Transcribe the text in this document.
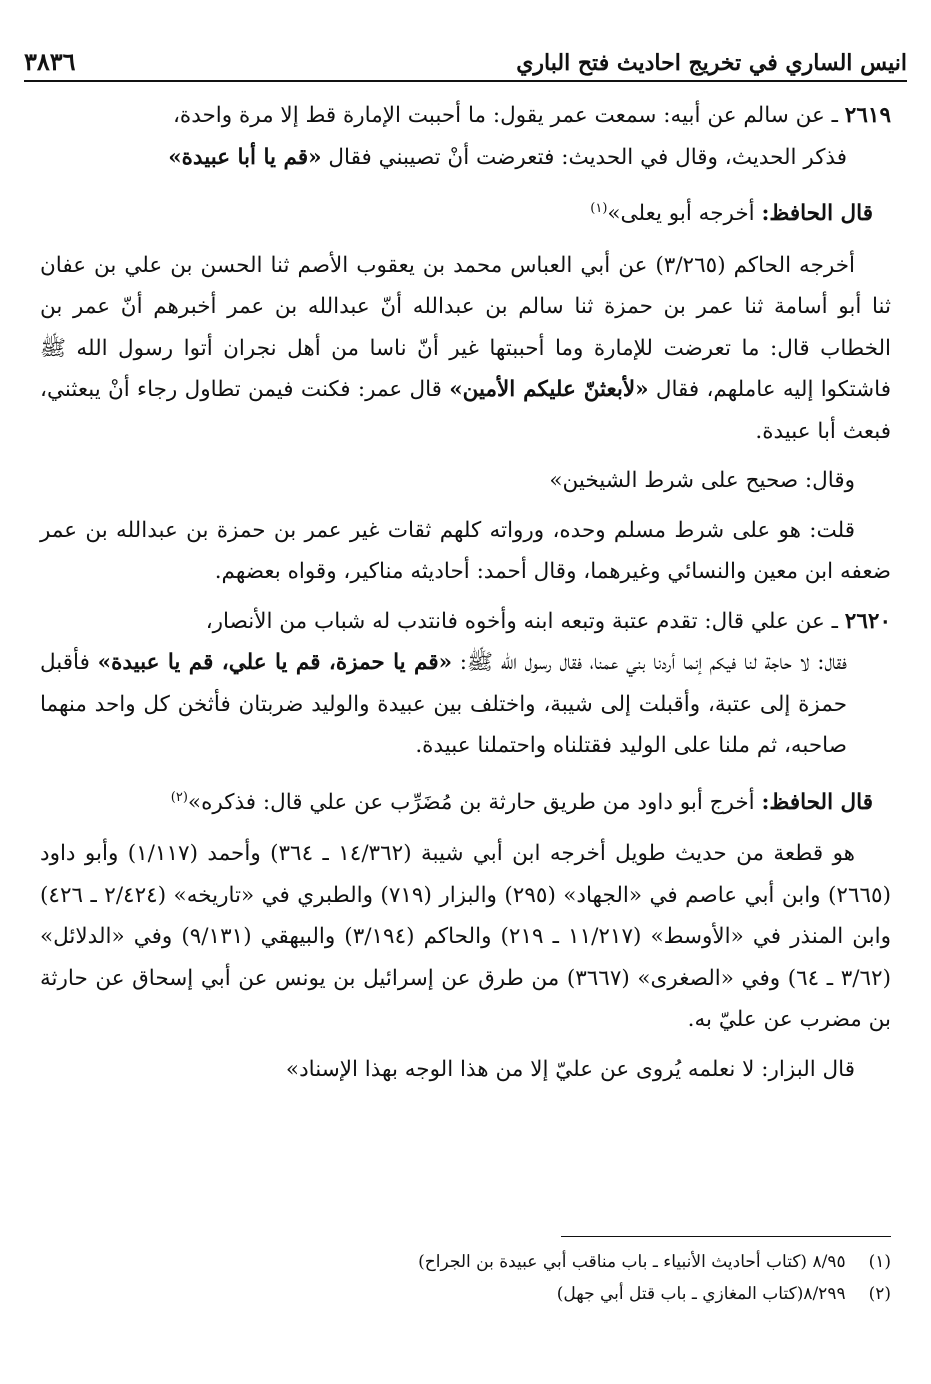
انيس الساري في تخريج احاديث فتح الباري
٣٨٣٦

٢٦١٩ ـ عن سالم عن أبيه: سمعت عمر يقول: ما أحببت الإمارة قط إلا مرة واحدة،

فذكر الحديث، وقال في الحديث: فتعرضت أنْ تصيبني فقال «قم يا أبا عبيدة»

قال الحافظ: أخرجه أبو يعلى»$^{(١)}$

أخرجه الحاكم (٣/٢٦٥) عن أبي العباس محمد بن يعقوب الأصم ثنا الحسن بن علي بن عفان ثنا أبو أسامة ثنا عمر بن حمزة ثنا سالم بن عبدالله أنّ عبدالله بن عمر أخبرهم أنّ عمر بن الخطاب قال: ما تعرضت للإمارة وما أحببتها غير أنّ ناسا من أهل نجران أتوا رسول الله ﷺ فاشتكوا إليه عاملهم، فقال «لأبعثنّ عليكم الأمين» قال عمر: فكنت فيمن تطاول رجاء أنْ يبعثني، فبعث أبا عبيدة.

وقال: صحيح على شرط الشيخين»

قلت: هو على شرط مسلم وحده، ورواته كلهم ثقات غير عمر بن حمزة بن عبدالله بن عمر ضعفه ابن معين والنسائي وغيرهما، وقال أحمد: أحاديثه مناكير، وقواه بعضهم.

٢٦٢٠ ـ عن علي قال: تقدم عتبة وتبعه ابنه وأخوه فانتدب له شباب من الأنصار،

فقال: لا حاجة لنا فيكم إنما أردنا بني عمنا، فقال رسول الله ﷺ: «قم يا حمزة، قم يا علي، قم يا عبيدة» فأقبل حمزة إلى عتبة، وأقبلت إلى شيبة، واختلف بين عبيدة والوليد ضربتان فأثخن كل واحد منهما صاحبه، ثم ملنا على الوليد فقتلناه واحتملنا عبيدة.

قال الحافظ: أخرج أبو داود من طريق حارثة بن مُضَرِّب عن علي قال: فذكره»$^{(٢)}$

هو قطعة من حديث طويل أخرجه ابن أبي شيبة (١٤/٣٦٢ ـ ٣٦٤) وأحمد (١/١١٧) وأبو داود (٢٦٦٥) وابن أبي عاصم في «الجهاد» (٢٩٥) والبزار (٧١٩) والطبري في «تاريخه» (٢/٤٢٤ ـ ٤٢٦) وابن المنذر في «الأوسط» (١١/٢١٧ ـ ٢١٩) والحاكم (٣/١٩٤) والبيهقي (٩/١٣١) وفي «الدلائل» (٣/٦٢ ـ ٦٤) وفي «الصغرى» (٣٦٦٧) من طرق عن إسرائيل بن يونس عن أبي إسحاق عن حارثة بن مضرب عن عليّ به.

قال البزار: لا نعلمه يُروى عن عليّ إلا من هذا الوجه بهذا الإسناد»

(١) ٨/٩٥ (كتاب أحاديث الأنبياء ـ باب مناقب أبي عبيدة بن الجراح)
(٢) ٨/٢٩٩(كتاب المغازي ـ باب قتل أبي جهل)
